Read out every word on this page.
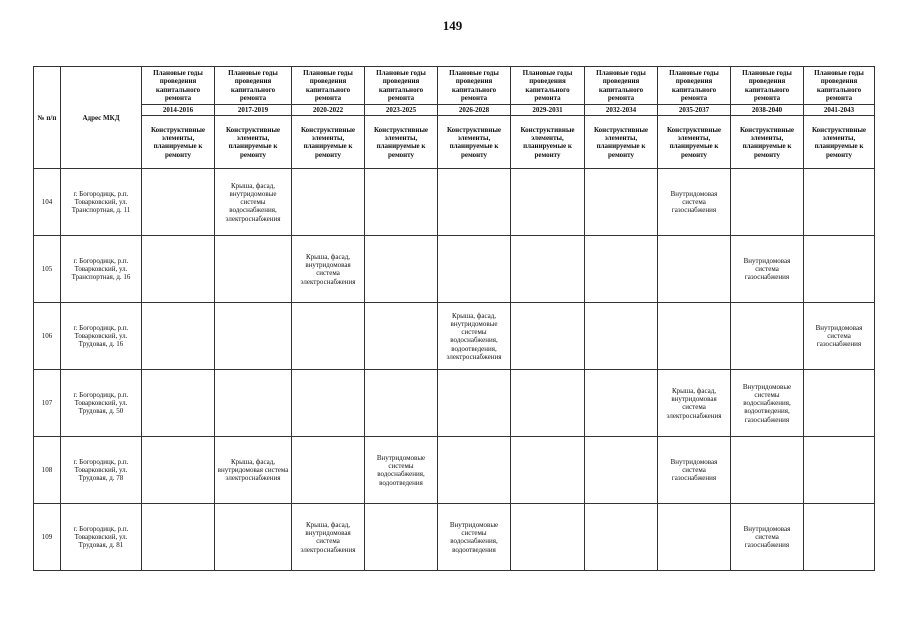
149
№ п/п	Адрес МКД	Плановые годы проведения капитального ремонта	Плановые годы проведения капитального ремонта	Плановые годы проведения капитального ремонта	Плановые годы проведения капитального ремонта	Плановые годы проведения капитального ремонта	Плановые годы проведения капитального ремонта	Плановые годы проведения капитального ремонта	Плановые годы проведения капитального ремонта	Плановые годы проведения капитального ремонта	Плановые годы проведения капитального ремонта
		2014-2016	2017-2019	2020-2022	2023-2025	2026-2028	2029-2031	2032-2034	2035-2037	2038-2040	2041-2043
		Конструктивные элементы, планируемые к ремонту	Конструктивные элементы, планируемые к ремонту	Конструктивные элементы, планируемые к ремонту	Конструктивные элементы, планируемые к ремонту	Конструктивные элементы, планируемые к ремонту	Конструктивные элементы, планируемые к ремонту	Конструктивные элементы, планируемые к ремонту	Конструктивные элементы, планируемые к ремонту	Конструктивные элементы, планируемые к ремонту	Конструктивные элементы, планируемые к ремонту
104	г. Богородицк, р.п. Товарковский, ул. Транспортная, д. 11		Крыша, фасад, внутридомовые системы водоснабжения, электроснабжения						Внутридомовая система газоснабжения		
105	г. Богородицк, р.п. Товарковский, ул. Транспортная, д. 16			Крыша, фасад, внутридомовая система электроснабжения						Внутридомовая система газоснабжения	
106	г. Богородицк, р.п. Товарковский, ул. Трудовая, д. 16					Крыша, фасад, внутридомовые системы водоснабжения, водоотведения, электроснабжения					Внутридомовая система газоснабжения
107	г. Богородицк, р.п. Товарковский, ул. Трудовая, д. 50								Крыша, фасад, внутридомовая система электроснабжения	Внутридомовые системы водоснабжения, водоотведения, газоснабжения	
108	г. Богородицк, р.п. Товарковский, ул. Трудовая, д. 78		Крыша, фасад, внутридомовая система электроснабжения		Внутридомовые системы водоснабжения, водоотведения				Внутридомовая система газоснабжения		
109	г. Богородицк, р.п. Товарковский, ул. Трудовая, д. 81			Крыша, фасад, внутридомовая система электроснабжения		Внутридомовые системы водоснабжения, водоотведения				Внутридомовая система газоснабжения	
